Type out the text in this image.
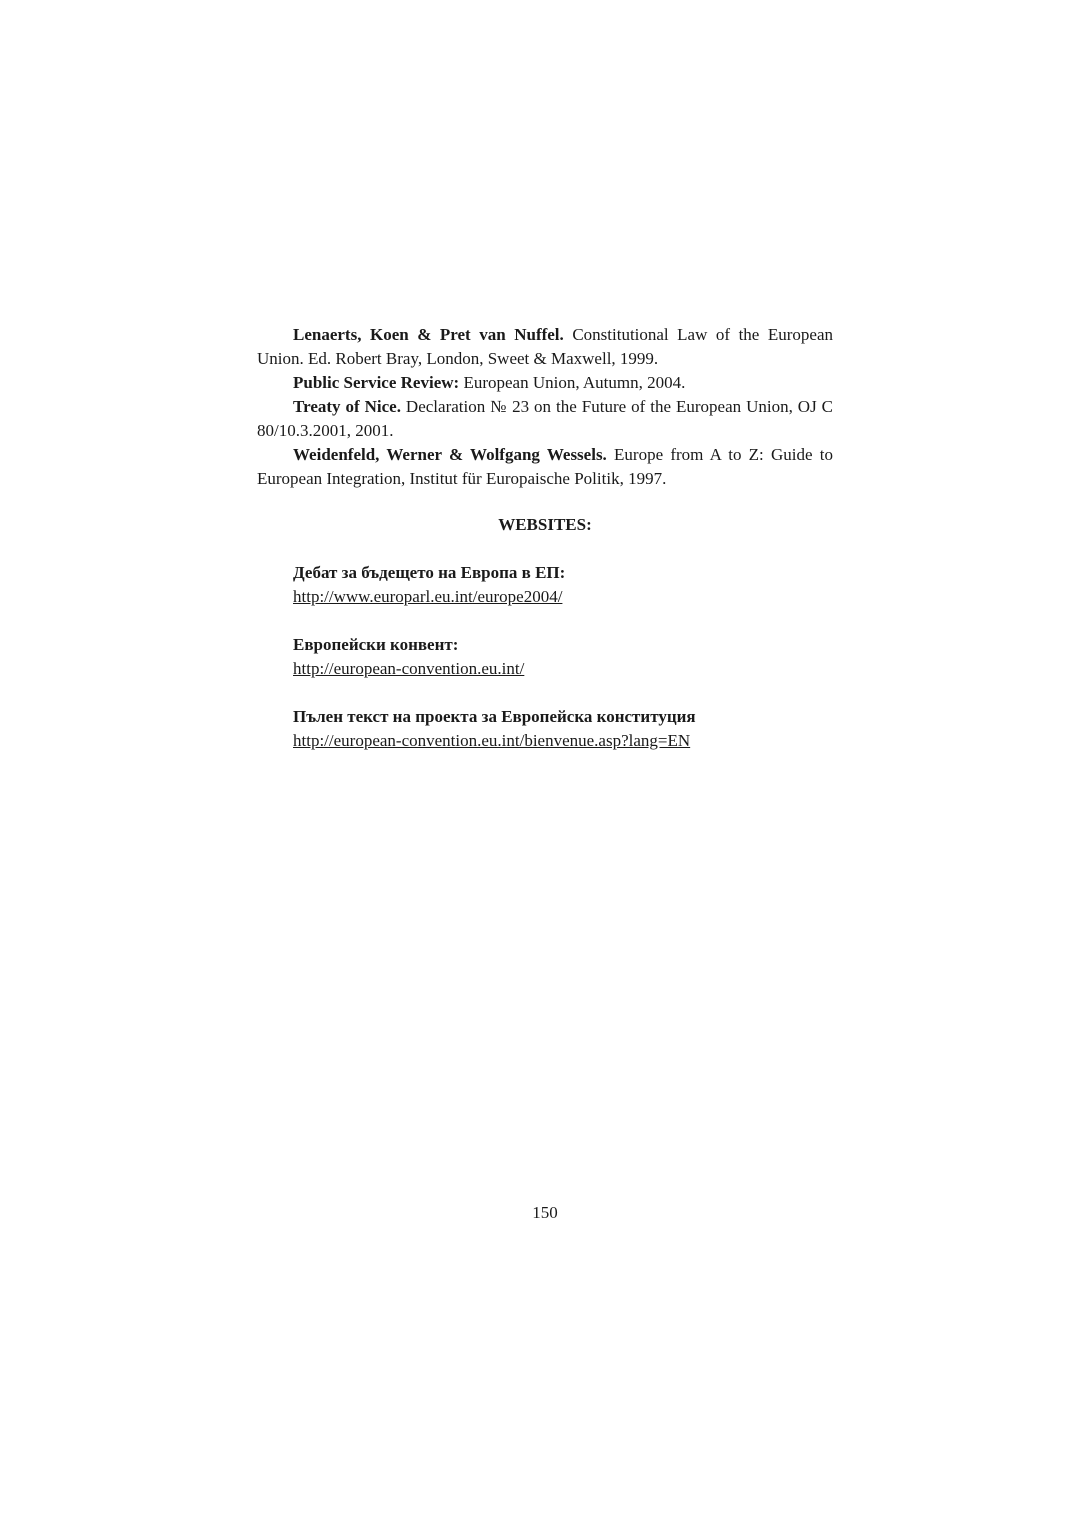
Lenaerts, Koen & Pret van Nuffel. Constitutional Law of the European Union. Ed. Robert Bray, London, Sweet & Maxwell, 1999.

Public Service Review: European Union, Autumn, 2004.

Treaty of Nice. Declaration № 23 on the Future of the European Union, OJ C 80/10.3.2001, 2001.

Weidenfeld, Werner & Wolfgang Wessels. Europe from A to Z: Guide to European Integration, Institut für Europaische Politik, 1997.

WEBSITES:
Дебат за бъдещето на Европа в ЕП:
http://www.europarl.eu.int/europe2004/
Европейски конвент:
http://european-convention.eu.int/
Пълен текст на проекта за Европейска конституция
http://european-convention.eu.int/bienvenue.asp?lang=EN
150
